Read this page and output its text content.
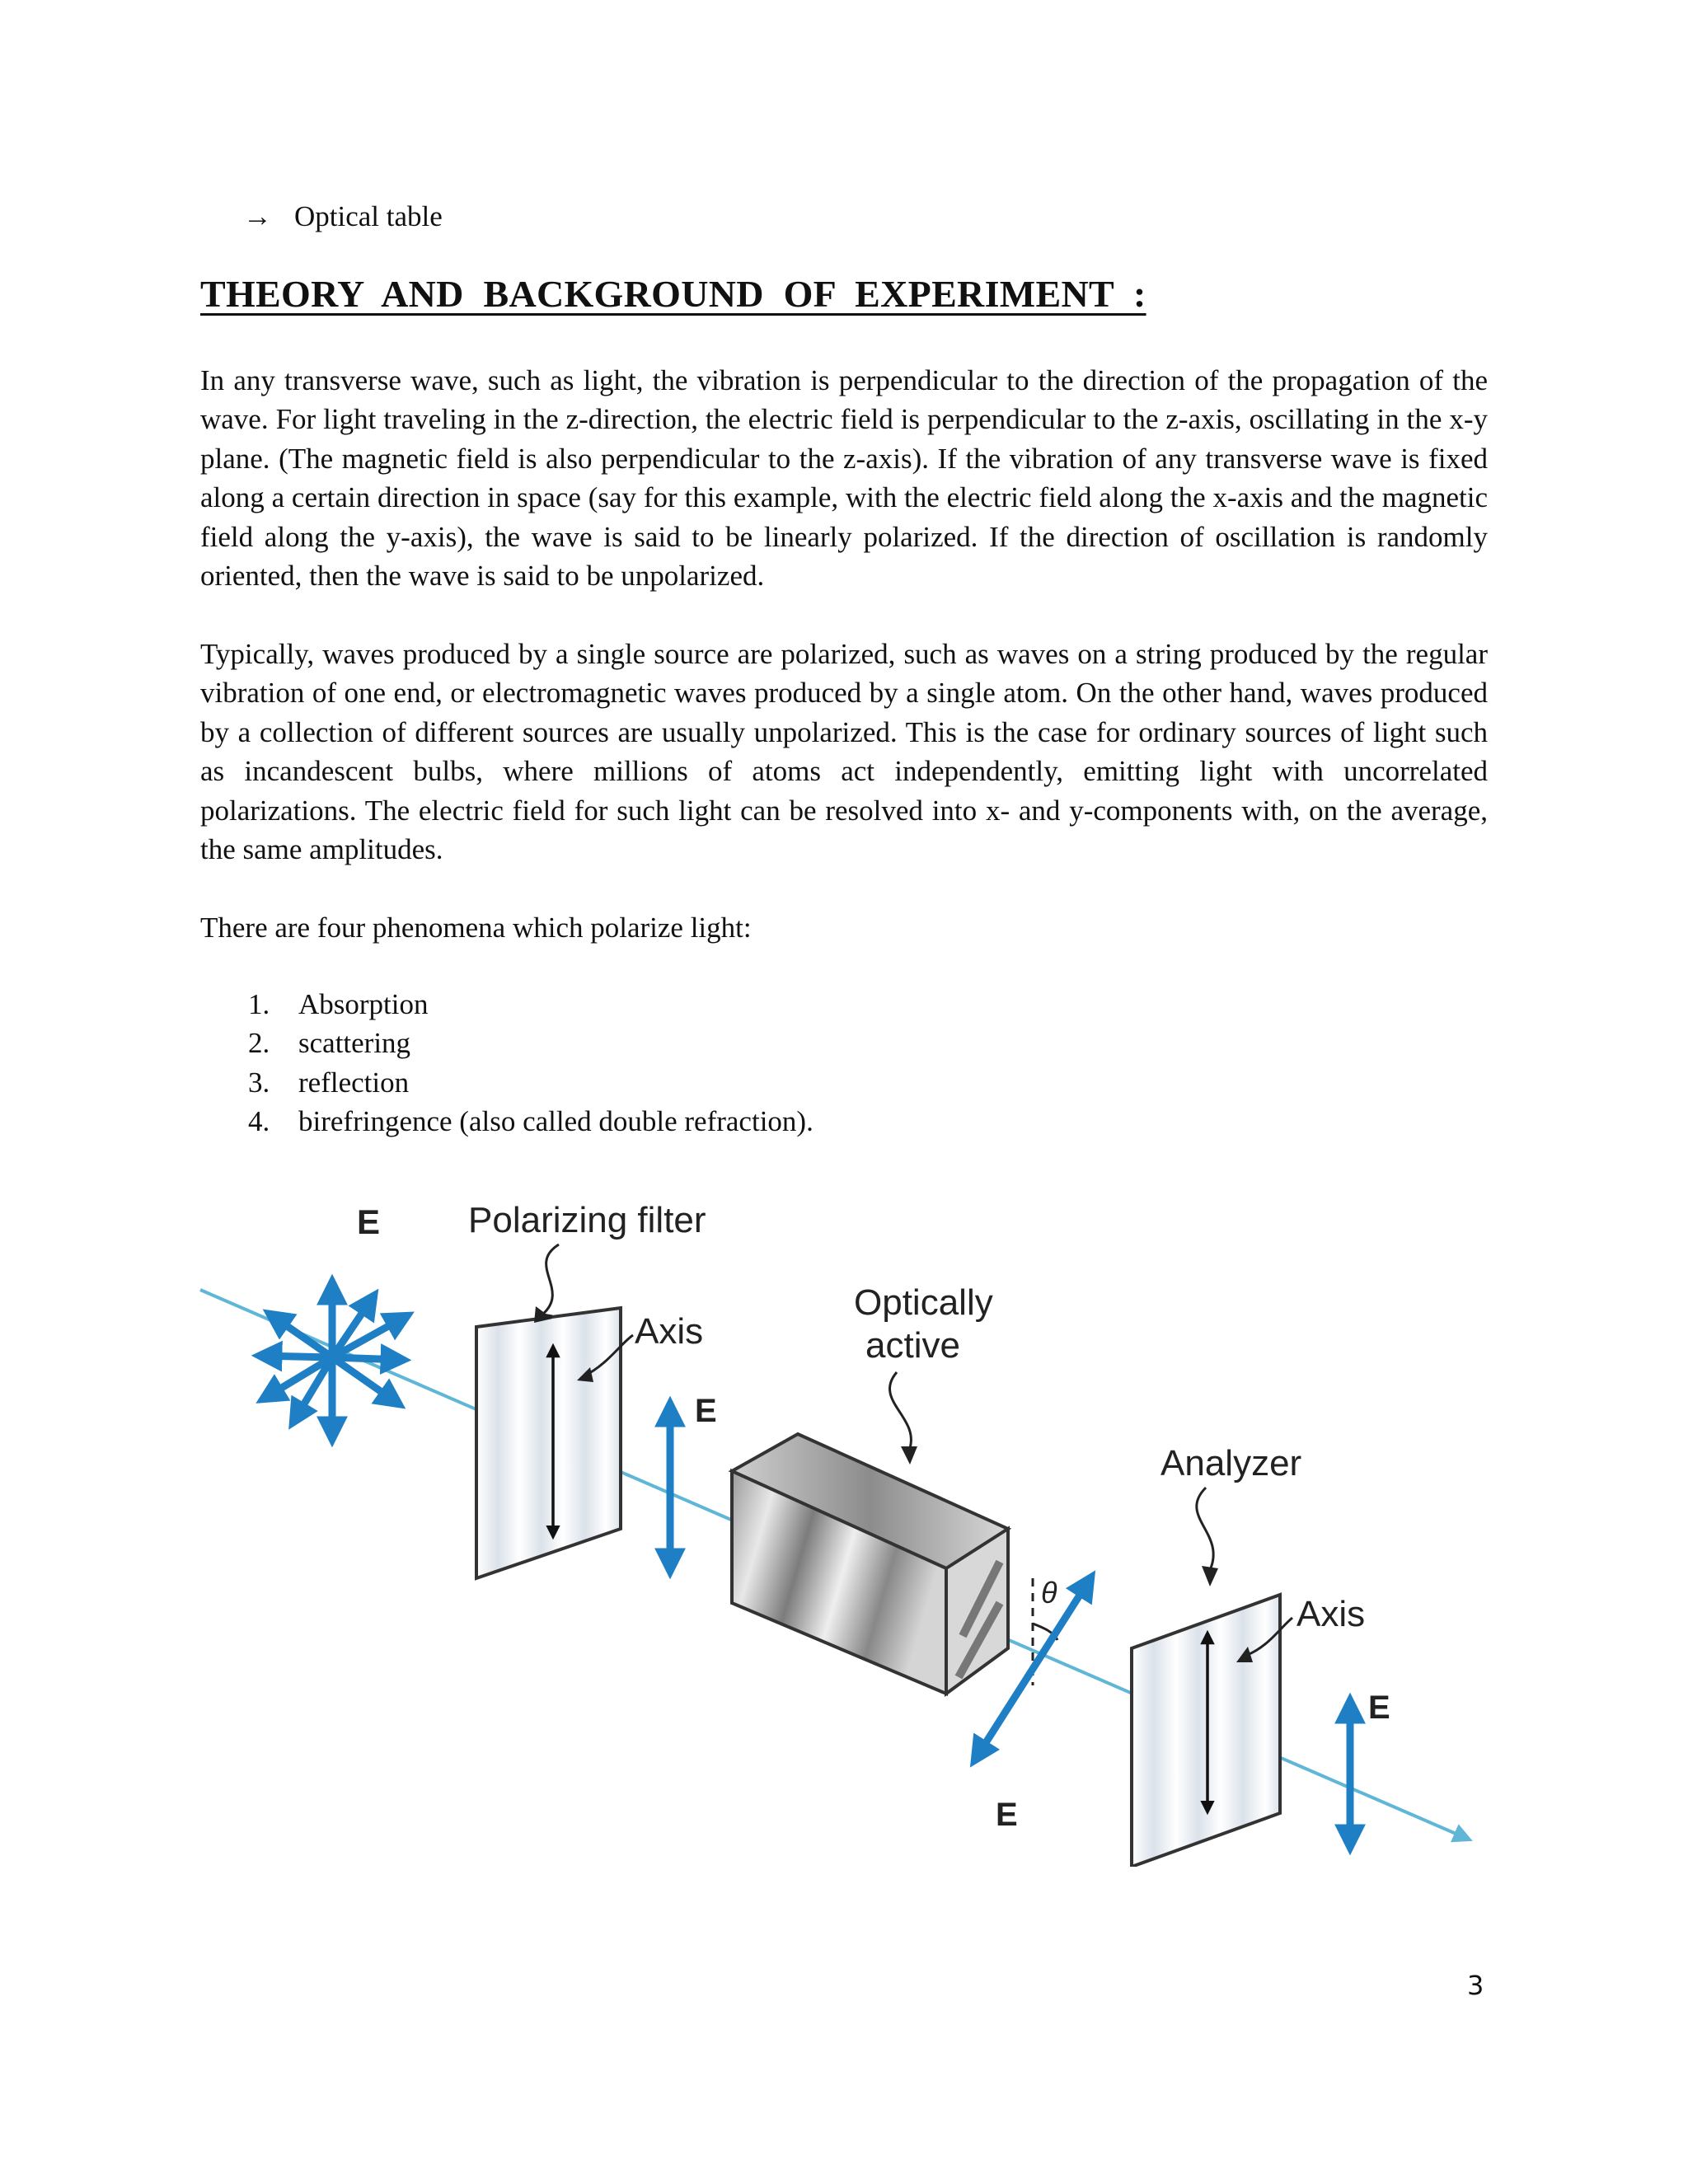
→ Optical table
THEORY AND BACKGROUND OF EXPERIMENT :

In any transverse wave, such as light, the vibration is perpendicular to the direction of the propagation of the wave. For light traveling in the z-direction, the electric field is perpendicular to the z-axis, oscillating in the x-y plane. (The magnetic field is also perpendicular to the z-axis). If the vibration of any transverse wave is fixed along a certain direction in space (say for this example, with the electric field along the x-axis and the magnetic field along the y-axis), the wave is said to be linearly polarized. If the direction of oscillation is randomly oriented, then the wave is said to be unpolarized.

Typically, waves produced by a single source are polarized, such as waves on a string produced by the regular vibration of one end, or electromagnetic waves produced by a single atom. On the other hand, waves produced by a collection of different sources are usually unpolarized. This is the case for ordinary sources of light such as incandescent bulbs, where millions of atoms act independently, emitting light with uncorrelated polarizations. The electric field for such light can be resolved into x- and y-components with, on the average, the same amplitudes.

There are four phenomena which polarize light:

1. Absorption
2. scattering
3. reflection
4. birefringence (also called double refraction).
E Polarizing filter
Axis
E
Optically
active
θ
E
Analyzer
Axis
E
3
